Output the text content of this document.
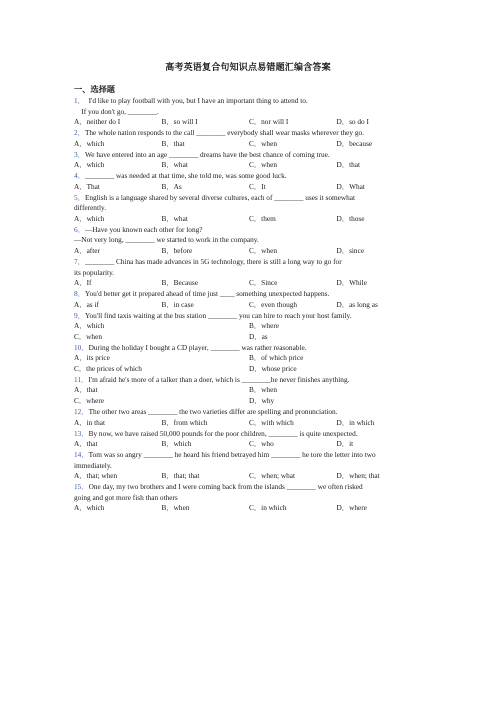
高考英语复合句知识点易错题汇编含答案
一、选择题
1．　I'd like to play football with you, but I have an important thing to attend to.
　If you don't go, ________.
A．neither do I	B．so will I	C．nor will I	D．so do I
2．The whole nation responds to the call ________ everybody shall wear masks wherever they go.
A．which	B．that	C．when	D．because
3．We have entered into an age ________ dreams have the best chance of coming true.
A．which	B．what	C．when	D．that
4．________ was needed at that time, she told me, was some good luck.
A．That	B．As	C．It	D．What
5．English is a language shared by several diverse cultures, each of ________ uses it somewhat
differently.
A．which	B．what	C．them	D．those
6．—Have you known each other for long?
—Not very long, ________ we started to work in the company.
A．after	B．before	C．when	D．since
7．________ China has made advances in 5G technology, there is still a long way to go for
its popularity.
A．If	B．Because	C．Since	D．While
8．You'd better get it prepared ahead of time just ____ something unexpected happens.
A．as if	B．in case	C．even though	D．as long as
9．You'll find taxis waiting at the bus station ________ you can hire to reach your host family.
A．which	B．where
C．when	D．as
10．During the holiday I bought a CD player, ________ was rather reasonable.
A．its price	B．of which price
C．the prices of which	D．whose price
11．I'm afraid he's more of a talker than a doer, which is ________he never finishes anything.
A．that	B．when
C．where	D．why
12．The other two areas ________ the two varieties differ are spelling and pronunciation.
A．in that	B．from which	C．with which	D．in which
13．By now, we have raised 50,000 pounds for the poor children, ________ is quite unexpected.
A．that	B．which	C．who	D．it
14．Tom was so angry ________ he heard his friend betrayed him ________ he tore the letter into two
immediately.
A．that; when	B．that; that	C．when; what	D．when; that
15．One day, my two brothers and I were coming back from the islands ________ we often risked
going and got more fish than others
A．which	B．when	C．in which	D．where
